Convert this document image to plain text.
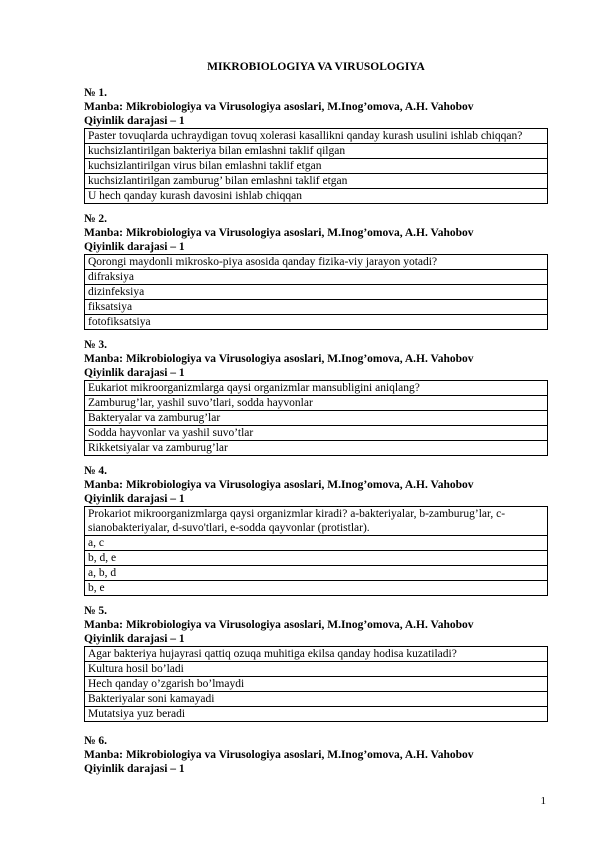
MIKROBIOLOGIYA VA VIRUSOLOGIYA
№ 1.
Manba: Mikrobiologiya va Virusologiya asoslari, M.Inog’omova, A.H. Vahobov
Qiyinlik darajasi – 1
Paster tovuqlarda uchraydigan tovuq xolerasi kasallikni qanday kurash usulini ishlab chiqqan?
kuchsizlantirilgan bakteriya bilan emlashni taklif qilgan
kuchsizlantirilgan virus bilan emlashni taklif etgan
kuchsizlantirilgan zamburug’ bilan emlashni taklif etgan
U hech qanday kurash davosini ishlab chiqqan
№ 2.
Manba: Mikrobiologiya va Virusologiya asoslari, M.Inog’omova, A.H. Vahobov
Qiyinlik darajasi – 1
Qorongi maydonli mikrosko-piya asosida qanday fizika-viy jarayon yotadi?
difraksiya
dizinfeksiya
fiksatsiya
fotofiksatsiya
№ 3.
Manba: Mikrobiologiya va Virusologiya asoslari, M.Inog’omova, A.H. Vahobov
Qiyinlik darajasi – 1
Eukariot mikroorganizmlarga qaysi organizmlar mansubligini aniqlang?
Zamburug’lar, yashil suvo’tlari, sodda hayvonlar
Bakteryalar va zamburug’lar
Sodda hayvonlar va yashil suvo’tlar
Rikketsiyalar va zamburug’lar
№ 4.
Manba: Mikrobiologiya va Virusologiya asoslari, M.Inog’omova, A.H. Vahobov
Qiyinlik darajasi – 1
Prokariot mikroorganizmlarga qaysi organizmlar kiradi? a-bakteriyalar, b-zamburug’lar, c-sianobakteriyalar, d-suvo'tlari, e-sodda qayvonlar (protistlar).
a, c
b, d, e
a, b, d
b, e
№ 5.
Manba: Mikrobiologiya va Virusologiya asoslari, M.Inog’omova, A.H. Vahobov
Qiyinlik darajasi – 1
Agar bakteriya hujayrasi qattiq ozuqa muhitiga ekilsa qanday hodisa kuzatiladi?
Kultura hosil bo’ladi
Hech qanday o’zgarish bo’lmaydi
Bakteriyalar soni kamayadi
Mutatsiya yuz beradi
№ 6.
Manba: Mikrobiologiya va Virusologiya asoslari, M.Inog’omova, A.H. Vahobov
Qiyinlik darajasi – 1
1
